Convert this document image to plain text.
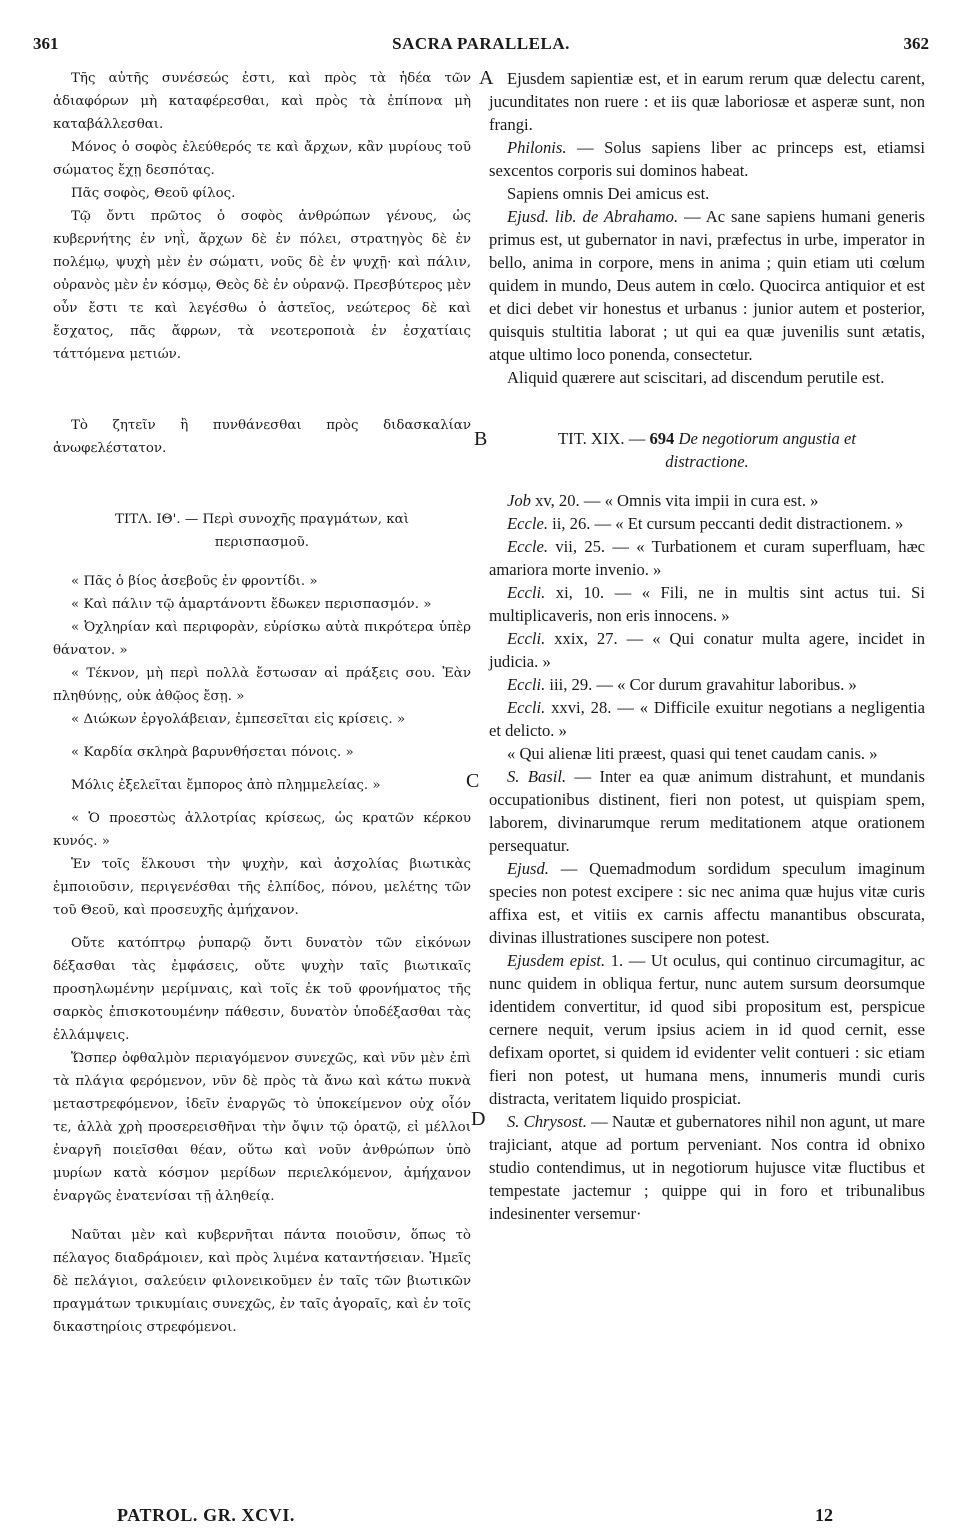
361	SACRA PARALLELA.	362
A
B
C
D

Τῆς αὐτῆς συνέσεώς ἐστι, καὶ πρὸς τὰ ἡδέα τῶν ἀδιαφόρων μὴ καταφέρεσθαι, καὶ πρὸς τὰ ἐπίπονα μὴ καταβάλλεσθαι.

Μόνος ὁ σοφὸς ἐλεύθερός τε καὶ ἄρχων, κἂν μυρίους τοῦ σώματος ἔχῃ δεσπότας.

Πᾶς σοφὸς, Θεοῦ φίλος.

Τῷ ὄντι πρῶτος ὁ σοφὸς ἀνθρώπων γένους, ὡς κυβερνήτης ἐν νηῒ, ἄρχων δὲ ἐν πόλει, στρατηγὸς δὲ ἐν πολέμῳ, ψυχὴ μὲν ἐν σώματι, νοῦς δὲ ἐν ψυχῇ· καὶ πάλιν, οὐρανὸς μὲν ἐν κόσμῳ, Θεὸς δὲ ἐν οὐρανῷ. Πρεσβύτερος μὲν οὖν ἔστι τε καὶ λεγέσθω ὁ ἀστεῖος, νεώτερος δὲ καὶ ἔσχατος, πᾶς ἄφρων, τὰ νεοτεροποιὰ ἐν ἐσχατίαις τάττόμενα μετιών.

Τὸ ζητεῖν ἢ πυνθάνεσθαι πρὸς διδασκαλίαν ἀνωφελέστατον.

ΤΙΤΛ. ΙΘ'. — Περὶ συνοχῆς πραγμάτων, καὶ
περισπασμοῦ.

« Πᾶς ὁ βίος ἀσεβοῦς ἐν φροντίδι. »

« Καὶ πάλιν τῷ ἁμαρτάνοντι ἔδωκεν περισπασμόν. »

« Ὀχληρίαν καὶ περιφορὰν, εὑρίσκω αὐτὰ πικρότερα ὑπὲρ θάνατον. »

« Τέκνον, μὴ περὶ πολλὰ ἔστωσαν αἱ πράξεις σου. Ἐὰν πληθύνῃς, οὐκ ἀθῷος ἔσῃ. »

« Διώκων ἐργολάβειαν, ἐμπεσεῖται εἰς κρίσεις. »

« Καρδία σκληρὰ βαρυνθήσεται πόνοις. »

Μόλις ἐξελεῖται ἔμπορος ἀπὸ πλημμελείας. »

« Ὁ προεστὼς ἀλλοτρίας κρίσεως, ὡς κρατῶν κέρκου κυνός. »

Ἐν τοῖς ἕλκουσι τὴν ψυχὴν, καὶ ἀσχολίας βιωτικὰς ἐμποιοῦσιν, περιγενέσθαι τῆς ἐλπίδος, πόνου, μελέτης τῶν τοῦ Θεοῦ, καὶ προσευχῆς ἀμήχανον.

Οὔτε κατόπτρῳ ῥυπαρῷ ὄντι δυνατὸν τῶν εἰκόνων δέξασθαι τὰς ἐμφάσεις, οὔτε ψυχὴν ταῖς βιωτικαῖς προσηλωμένην μερίμναις, καὶ τοῖς ἐκ τοῦ φρονήματος τῆς σαρκὸς ἐπισκοτουμένην πάθεσιν, δυνατὸν ὑποδέξασθαι τὰς ἐλλάμψεις.

Ὥσπερ ὀφθαλμὸν περιαγόμενον συνεχῶς, καὶ νῦν μὲν ἐπὶ τὰ πλάγια φερόμενον, νῦν δὲ πρὸς τὰ ἄνω καὶ κάτω πυκνὰ μεταστρεφόμενον, ἰδεῖν ἐναργῶς τὸ ὑποκείμενον οὐχ οἷόν τε, ἀλλὰ χρὴ προσερεισθῆναι τὴν ὄψιν τῷ ὁρατῷ, εἰ μέλλοι ἐναργῆ ποιεῖσθαι θέαν, οὕτω καὶ νοῦν ἀνθρώπων ὑπὸ μυρίων κατὰ κόσμον μερίδων περιελκόμενον, ἀμήχανον ἐναργῶς ἐνατενίσαι τῇ ἀληθείᾳ.

Ναῦται μὲν καὶ κυβερνῆται πάντα ποιοῦσιν, ὅπως τὸ πέλαγος διαδράμοιεν, καὶ πρὸς λιμένα καταντήσειαν. Ἡμεῖς δὲ πελάγιοι, σαλεύειν φιλονεικοῦμεν ἐν ταῖς τῶν βιωτικῶν πραγμάτων τρικυμίαις συνεχῶς, ἐν ταῖς ἀγοραῖς, καὶ ἐν τοῖς δικαστηρίοις στρεφόμενοι.

Ejusdem sapientiæ est, et in earum rerum quæ delectu carent, jucunditates non ruere : et iis quæ laboriosæ et asperæ sunt, non frangi.

Philonis. — Solus sapiens liber ac princeps est, etiamsi sexcentos corporis sui dominos habeat.

Sapiens omnis Dei amicus est.

Ejusd. lib. de Abrahamo. — Ac sane sapiens humani generis primus est, ut gubernator in navi, præfectus in urbe, imperator in bello, anima in corpore, mens in anima ; quin etiam uti cœlum quidem in mundo, Deus autem in cœlo. Quocirca antiquior et est et dici debet vir honestus et urbanus : junior autem et posterior, quisquis stultitia laborat ; ut qui ea quæ juvenilis sunt ætatis, atque ultimo loco ponenda, consectetur.

Aliquid quærere aut sciscitari, ad discendum perutile est.

TIT. XIX. — 694 De negotiorum angustia et
distractione.

Job xv, 20. — « Omnis vita impii in cura est. »

Eccle. ii, 26. — « Et cursum peccanti dedit distractionem. »

Eccle. vii, 25. — « Turbationem et curam superfluam, hæc amariora morte invenio. »

Eccli. xi, 10. — « Fili, ne in multis sint actus tui. Si multiplicaveris, non eris innocens. »

Eccli. xxix, 27. — « Qui conatur multa agere, incidet in judicia. »

Eccli. iii, 29. — « Cor durum gravahitur laboribus. »

Eccli. xxvi, 28. — « Difficile exuitur negotians a negligentia et delicto. »

« Qui alienæ liti præest, quasi qui tenet caudam canis. »

S. Basil. — Inter ea quæ animum distrahunt, et mundanis occupationibus distinent, fieri non potest, ut quispiam spem, laborem, divinarumque rerum meditationem atque orationem persequatur.

Ejusd. — Quemadmodum sordidum speculum imaginum species non potest excipere : sic nec anima quæ hujus vitæ curis affixa est, et vitiis ex carnis affectu manantibus obscurata, divinas illustrationes suscipere non potest.

Ejusdem epist. 1. — Ut oculus, qui continuo circumagitur, ac nunc quidem in obliqua fertur, nunc autem sursum deorsumque identidem convertitur, id quod sibi propositum est, perspicue cernere nequit, verum ipsius aciem in id quod cernit, esse defixam oportet, si quidem id evidenter velit contueri : sic etiam fieri non potest, ut humana mens, innumeris mundi curis distracta, veritatem liquido prospiciat.

S. Chrysost. — Nautæ et gubernatores nihil non agunt, ut mare trajiciant, atque ad portum perveniant. Nos contra id obnixo studio contendimus, ut in negotiorum hujusce vitæ fluctibus et tempestate jactemur ; quippe qui in foro et tribunalibus indesinenter versemur·

PATROL. GR. XCVI.	12
